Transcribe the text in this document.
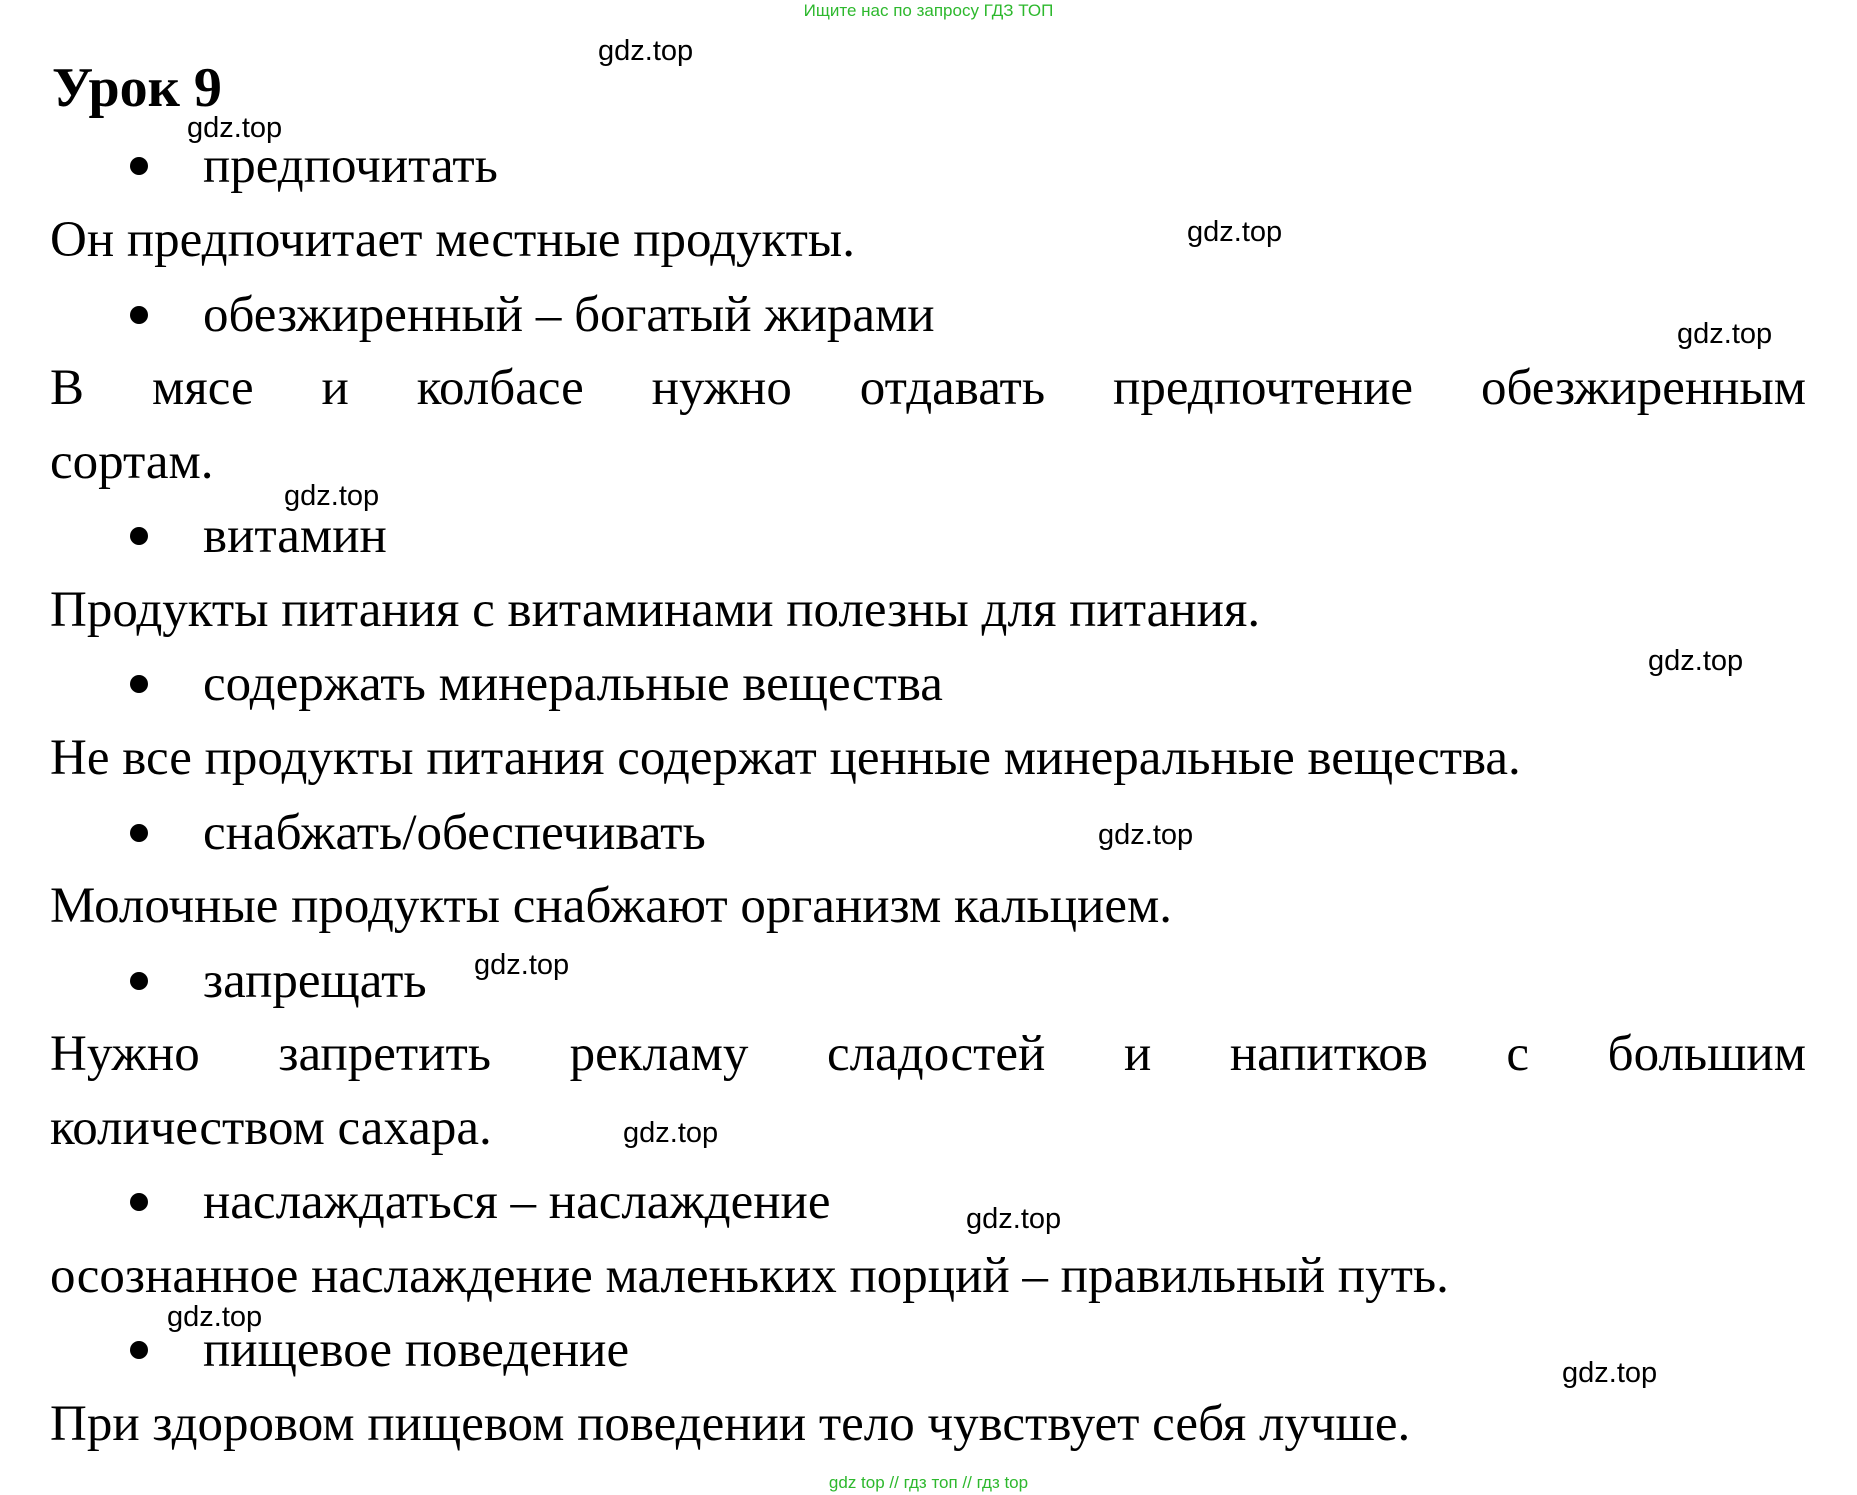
Ищите нас по запросу ГДЗ ТОП
Урок 9
предпочитать
Он предпочитает местные продукты.
обезжиренный – богатый жирами
В мясе и колбасе нужно отдавать предпочтение обезжиренным
сортам.
витамин
Продукты питания с витаминами полезны для питания.
содержать минеральные вещества
Не все продукты питания содержат ценные минеральные вещества.
снабжать/обеспечивать
Молочные продукты снабжают организм кальцием.
запрещать
Нужно запретить рекламу сладостей и напитков с большим
количеством сахара.
наслаждаться – наслаждение
осознанное наслаждение маленьких порций – правильный путь.
пищевое поведение
При здоровом пищевом поведении тело чувствует себя лучше.
gdz.top
gdz.top
gdz.top
gdz.top
gdz.top
gdz.top
gdz.top
gdz.top
gdz.top
gdz.top
gdz.top
gdz.top
gdz top // гдз топ // гдз top
